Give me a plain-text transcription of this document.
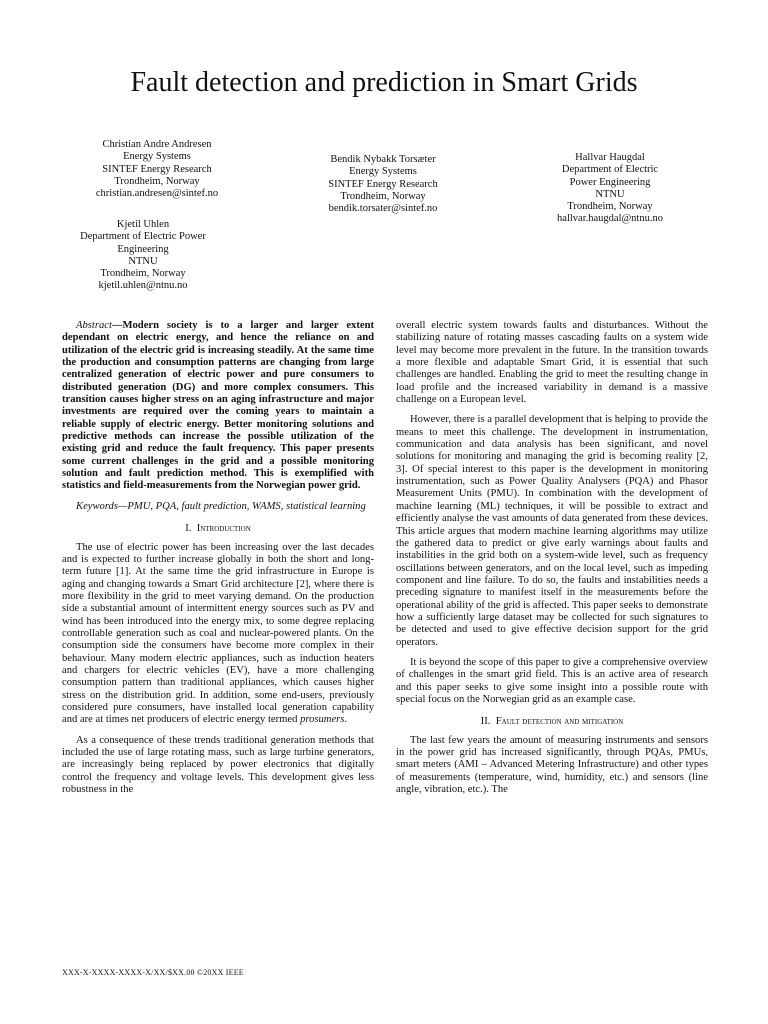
Fault detection and prediction in Smart Grids
Christian Andre Andresen
Energy Systems
SINTEF Energy Research
Trondheim, Norway
christian.andresen@sintef.no
Bendik Nybakk Torsæter
Energy Systems
SINTEF Energy Research
Trondheim, Norway
bendik.torsater@sintef.no
Hallvar Haugdal
Department of Electric
Power Engineering
NTNU
Trondheim, Norway
hallvar.haugdal@ntnu.no
Kjetil Uhlen
Department of Electric Power
Engineering
NTNU
Trondheim, Norway
kjetil.uhlen@ntnu.no

Abstract—Modern society is to a larger and larger extent dependant on electric energy, and hence the reliance on and utilization of the electric grid is increasing steadily. At the same time the production and consumption patterns are changing from large centralized generation of electric power and pure consumers to distributed generation (DG) and more complex consumers. This transition causes higher stress on an aging infrastructure and major investments are required over the coming years to maintain a reliable supply of electric energy. Better monitoring solutions and predictive methods can increase the possible utilization of the existing grid and reduce the fault frequency. This paper presents some current challenges in the grid and a possible monitoring solution and fault prediction method. This is exemplified with statistics and field-measurements from the Norwegian power grid.

Keywords—PMU, PQA, fault prediction, WAMS, statistical learning

I. Introduction

The use of electric power has been increasing over the last decades and is expected to further increase globally in both the short and long-term future [1]. At the same time the grid infrastructure in Europe is aging and changing towards a Smart Grid architecture [2], where there is more flexibility in the grid to meet varying demand. On the production side a substantial amount of intermittent energy sources such as PV and wind has been introduced into the energy mix, to some degree replacing controllable generation such as coal and nuclear-powered plants. On the consumption side the consumers have become more complex in their behaviour. Many modern electric appliances, such as induction heaters and chargers for electric vehicles (EV), have a more challenging consumption pattern than traditional appliances, which causes higher stress on the distribution grid. In addition, some end-users, previously considered pure consumers, have installed local generation capability and are at times net producers of electric energy termed prosumers.

As a consequence of these trends traditional generation methods that included the use of large rotating mass, such as large turbine generators, are increasingly being replaced by power electronics that digitally control the frequency and voltage levels. This development gives less robustness in the

overall electric system towards faults and disturbances. Without the stabilizing nature of rotating masses cascading faults on a system wide level may become more prevalent in the future. In the transition towards a more flexible and adaptable Smart Grid, it is essential that such challenges are handled. Enabling the grid to meet the resulting change in load profile and the increased variability in demand is a massive challenge on a European level.

However, there is a parallel development that is helping to provide the means to meet this challenge. The development in instrumentation, communication and data analysis has been significant, and novel solutions for monitoring and managing the grid is becoming reality [2, 3]. Of special interest to this paper is the development in monitoring instrumentation, such as Power Quality Analysers (PQA) and Phasor Measurement Units (PMU). In combination with the development of machine learning (ML) techniques, it will be possible to extract and efficiently analyse the vast amounts of data generated from these devices. This article argues that modern machine learning algorithms may utilize the gathered data to predict or give early warnings about faults and instabilities in the grid both on a system-wide level, such as frequency oscillations between generators, and on the local level, such as impeding component and line failure. To do so, the faults and instabilities needs a preceding signature to manifest itself in the measurements before the operational ability of the grid is affected. This paper seeks to demonstrate how a sufficiently large dataset may be collected for such signatures to be detected and used to give effective decision support for the grid operators.

It is beyond the scope of this paper to give a comprehensive overview of challenges in the smart grid field. This is an active area of research and this paper seeks to give some insight into a possible route with special focus on the Norwegian grid as an example case.

II. Fault detection and mitigation

The last few years the amount of measuring instruments and sensors in the power grid has increased significantly, through PQAs, PMUs, smart meters (AMI – Advanced Metering Infrastructure) and other types of measurements (temperature, wind, humidity, etc.) and sensors (line angle, vibration, etc.). The

XXX-X-XXXX-XXXX-X/XX/$XX.00 ©20XX IEEE
